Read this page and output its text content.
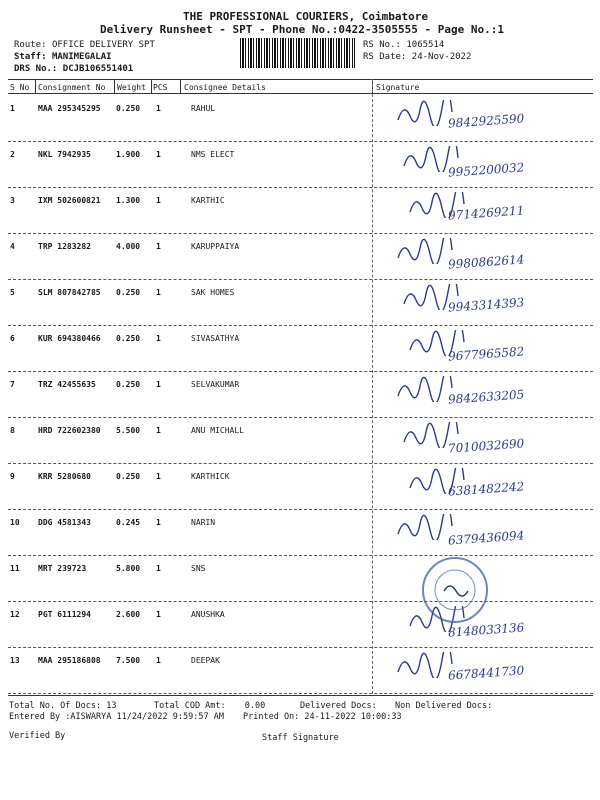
THE PROFESSIONAL COURIERS, Coimbatore
Delivery Runsheet - SPT - Phone No.:0422-3505555 - Page No.:1
Route: OFFICE DELIVERY SPT
Staff: MANIMEGALAI
DRS No.: DCJB106551401
RS No.: 1065514
RS Date: 24-Nov-2022
S No Consignment No Weight PCS Consignee Details	Signature
1	MAA 295345295 0.250 1	RAHUL
9842925590
2	NKL 7942935	1.900 1	NMS ELECT
9952200032
3	IXM 502600821 1.300 1	KARTHIC
9714269211
4	TRP 1283282	4.000 1	KARUPPAIYA
9980862614
5	SLM 807842785 0.250 1	SAK HOMES
9943314393
6	KUR 694380466 0.250 1	SIVASATHYA
9677965582
7	TRZ 42455635	0.250 1	SELVAKUMAR
9842633205
8	HRD 722602380 5.500 1	ANU MICHALL
7010032690
9	KRR 5280680	0.250 1	KARTHICK
6381482242
10 DDG 4581343	0.245 1	NARIN
6379436094
11 MRT 239723	5.800 1	SNS
12 PGT 6111294	2.600 1	ANUSHKA
8148033136
13 MAA 295186808 7.500 1	DEEPAK
6678441730
Total No. Of Docs: 13	Total COD Amt: 0.00	Delivered Docs: Non Delivered Docs:
Entered By :AISWARYA 11/24/2022 9:59:57 AM Printed On: 24-11-2022 10:00:33
Verified By	Staff Signature
